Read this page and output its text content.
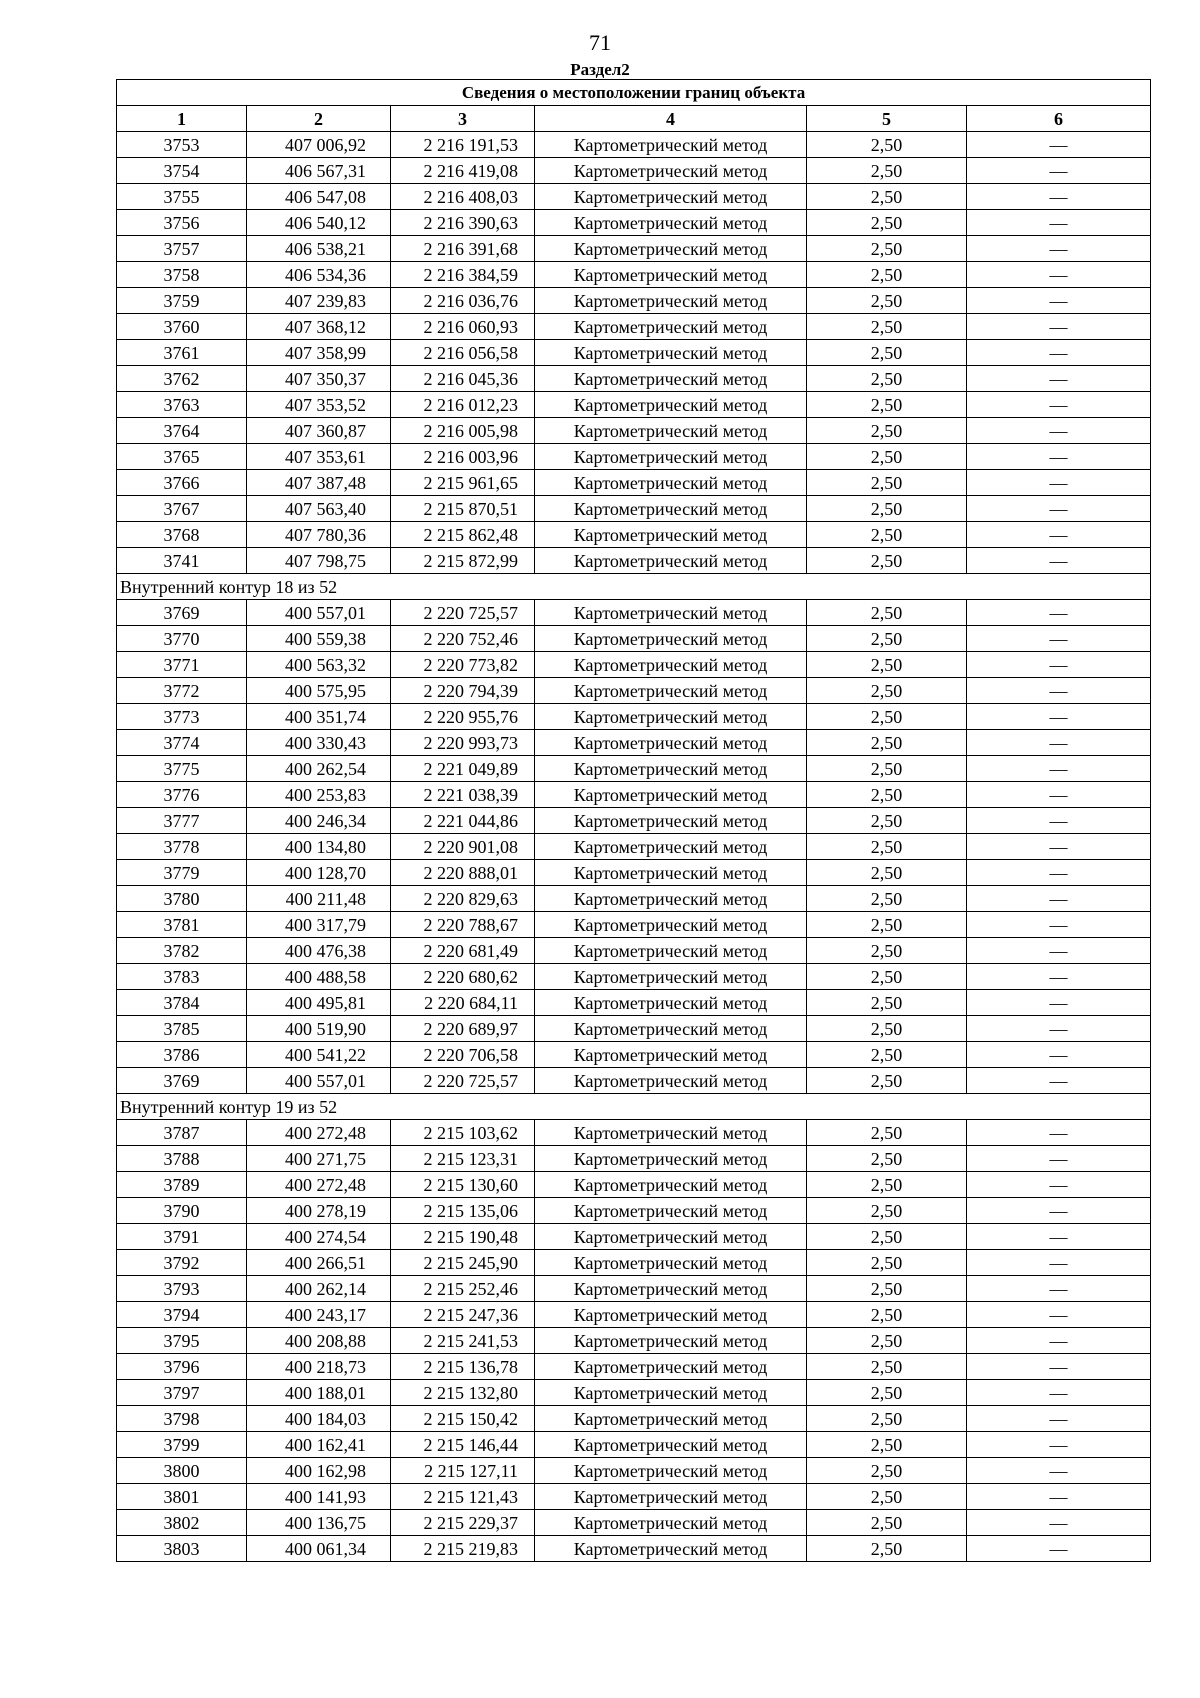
71
Раздел2
Сведения о местоположении границ объекта					
1	2	3	4	5	6
3753	407 006,92	2 216 191,53	Картометрический метод	2,50	—
3754	406 567,31	2 216 419,08	Картометрический метод	2,50	—
3755	406 547,08	2 216 408,03	Картометрический метод	2,50	—
3756	406 540,12	2 216 390,63	Картометрический метод	2,50	—
3757	406 538,21	2 216 391,68	Картометрический метод	2,50	—
3758	406 534,36	2 216 384,59	Картометрический метод	2,50	—
3759	407 239,83	2 216 036,76	Картометрический метод	2,50	—
3760	407 368,12	2 216 060,93	Картометрический метод	2,50	—
3761	407 358,99	2 216 056,58	Картометрический метод	2,50	—
3762	407 350,37	2 216 045,36	Картометрический метод	2,50	—
3763	407 353,52	2 216 012,23	Картометрический метод	2,50	—
3764	407 360,87	2 216 005,98	Картометрический метод	2,50	—
3765	407 353,61	2 216 003,96	Картометрический метод	2,50	—
3766	407 387,48	2 215 961,65	Картометрический метод	2,50	—
3767	407 563,40	2 215 870,51	Картометрический метод	2,50	—
3768	407 780,36	2 215 862,48	Картометрический метод	2,50	—
3741	407 798,75	2 215 872,99	Картометрический метод	2,50	—
Внутренний контур 18 из 52					
3769	400 557,01	2 220 725,57	Картометрический метод	2,50	—
3770	400 559,38	2 220 752,46	Картометрический метод	2,50	—
3771	400 563,32	2 220 773,82	Картометрический метод	2,50	—
3772	400 575,95	2 220 794,39	Картометрический метод	2,50	—
3773	400 351,74	2 220 955,76	Картометрический метод	2,50	—
3774	400 330,43	2 220 993,73	Картометрический метод	2,50	—
3775	400 262,54	2 221 049,89	Картометрический метод	2,50	—
3776	400 253,83	2 221 038,39	Картометрический метод	2,50	—
3777	400 246,34	2 221 044,86	Картометрический метод	2,50	—
3778	400 134,80	2 220 901,08	Картометрический метод	2,50	—
3779	400 128,70	2 220 888,01	Картометрический метод	2,50	—
3780	400 211,48	2 220 829,63	Картометрический метод	2,50	—
3781	400 317,79	2 220 788,67	Картометрический метод	2,50	—
3782	400 476,38	2 220 681,49	Картометрический метод	2,50	—
3783	400 488,58	2 220 680,62	Картометрический метод	2,50	—
3784	400 495,81	2 220 684,11	Картометрический метод	2,50	—
3785	400 519,90	2 220 689,97	Картометрический метод	2,50	—
3786	400 541,22	2 220 706,58	Картометрический метод	2,50	—
3769	400 557,01	2 220 725,57	Картометрический метод	2,50	—
Внутренний контур 19 из 52					
3787	400 272,48	2 215 103,62	Картометрический метод	2,50	—
3788	400 271,75	2 215 123,31	Картометрический метод	2,50	—
3789	400 272,48	2 215 130,60	Картометрический метод	2,50	—
3790	400 278,19	2 215 135,06	Картометрический метод	2,50	—
3791	400 274,54	2 215 190,48	Картометрический метод	2,50	—
3792	400 266,51	2 215 245,90	Картометрический метод	2,50	—
3793	400 262,14	2 215 252,46	Картометрический метод	2,50	—
3794	400 243,17	2 215 247,36	Картометрический метод	2,50	—
3795	400 208,88	2 215 241,53	Картометрический метод	2,50	—
3796	400 218,73	2 215 136,78	Картометрический метод	2,50	—
3797	400 188,01	2 215 132,80	Картометрический метод	2,50	—
3798	400 184,03	2 215 150,42	Картометрический метод	2,50	—
3799	400 162,41	2 215 146,44	Картометрический метод	2,50	—
3800	400 162,98	2 215 127,11	Картометрический метод	2,50	—
3801	400 141,93	2 215 121,43	Картометрический метод	2,50	—
3802	400 136,75	2 215 229,37	Картометрический метод	2,50	—
3803	400 061,34	2 215 219,83	Картометрический метод	2,50	—
